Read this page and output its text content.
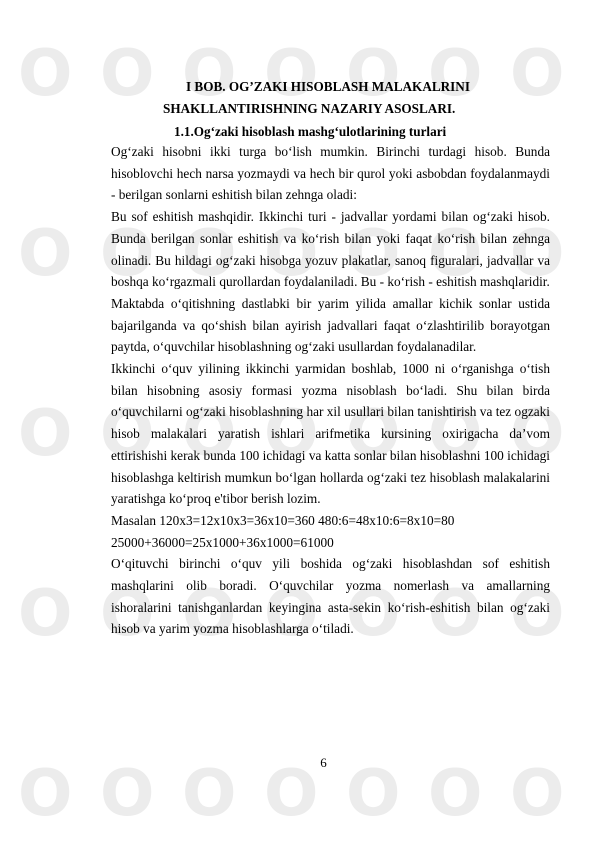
O O O O O O O
O O O O O O O
O O O O O O O
O O O O O O O
O O O O O O O
I BOB. OG’ZAKI HISOBLASH MALAKALRINI
SHAKLLANTIRISHNING NAZARIY ASOSLARI.
1.1.Og‘zaki hisoblash mashg‘ulotlarining turlari

Og‘zaki hisobni ikki turga bo‘lish mumkin. Birinchi turdagi hisob. Bunda hisoblovchi hech narsa yozmaydi va hech bir qurol yoki asbobdan foydalanmaydi - berilgan sonlarni eshitish bilan zehnga oladi:

Bu sof eshitish mashqidir. Ikkinchi turi - jadvallar yordami bilan og‘zaki hisob. Bunda berilgan sonlar eshitish va ko‘rish bilan yoki faqat ko‘rish bilan zehnga olinadi. Bu hildagi og‘zaki hisobga yozuv plakatlar, sanoq figuralari, jadvallar va boshqa ko‘rgazmali qurollardan foydalaniladi. Bu - ko‘rish - eshitish mashqlaridir.

Maktabda o‘qitishning dastlabki bir yarim yilida amallar kichik sonlar ustida bajarilganda va qo‘shish bilan ayirish jadvallari faqat o‘zlashtirilib borayotgan paytda, o‘quvchilar hisoblashning og‘zaki usullardan foydalanadilar.

Ikkinchi o‘quv yilining ikkinchi yarmidan boshlab, 1000 ni o‘rganishga o‘tish bilan hisobning asosiy formasi yozma nisoblash bo‘ladi. Shu bilan birda o‘quvchilarni og‘zaki hisoblashning har xil usullari bilan tanishtirish va tez ogzaki hisob malakalari yaratish ishlari arifmetika kursining oxirigacha da’vom ettirishishi kerak bunda 100 ichidagi va katta sonlar bilan hisoblashni 100 ichidagi hisoblashga keltirish mumkun bo‘lgan hollarda og‘zaki tez hisoblash malakalarini yaratishga ko‘proq e'tibor berish lozim.

Masalan 120x3=12x10x3=36x10=360 480:6=48x10:6=8x10=80

25000+36000=25x1000+36x1000=61000

O‘qituvchi birinchi o‘quv yili boshida og‘zaki hisoblashdan sof eshitish mashqlarini olib boradi. O‘quvchilar yozma nomerlash va amallarning ishoralarini tanishganlardan keyingina asta-sekin ko‘rish-eshitish bilan og‘zaki hisob va yarim yozma hisoblashlarga o‘tiladi.

6
